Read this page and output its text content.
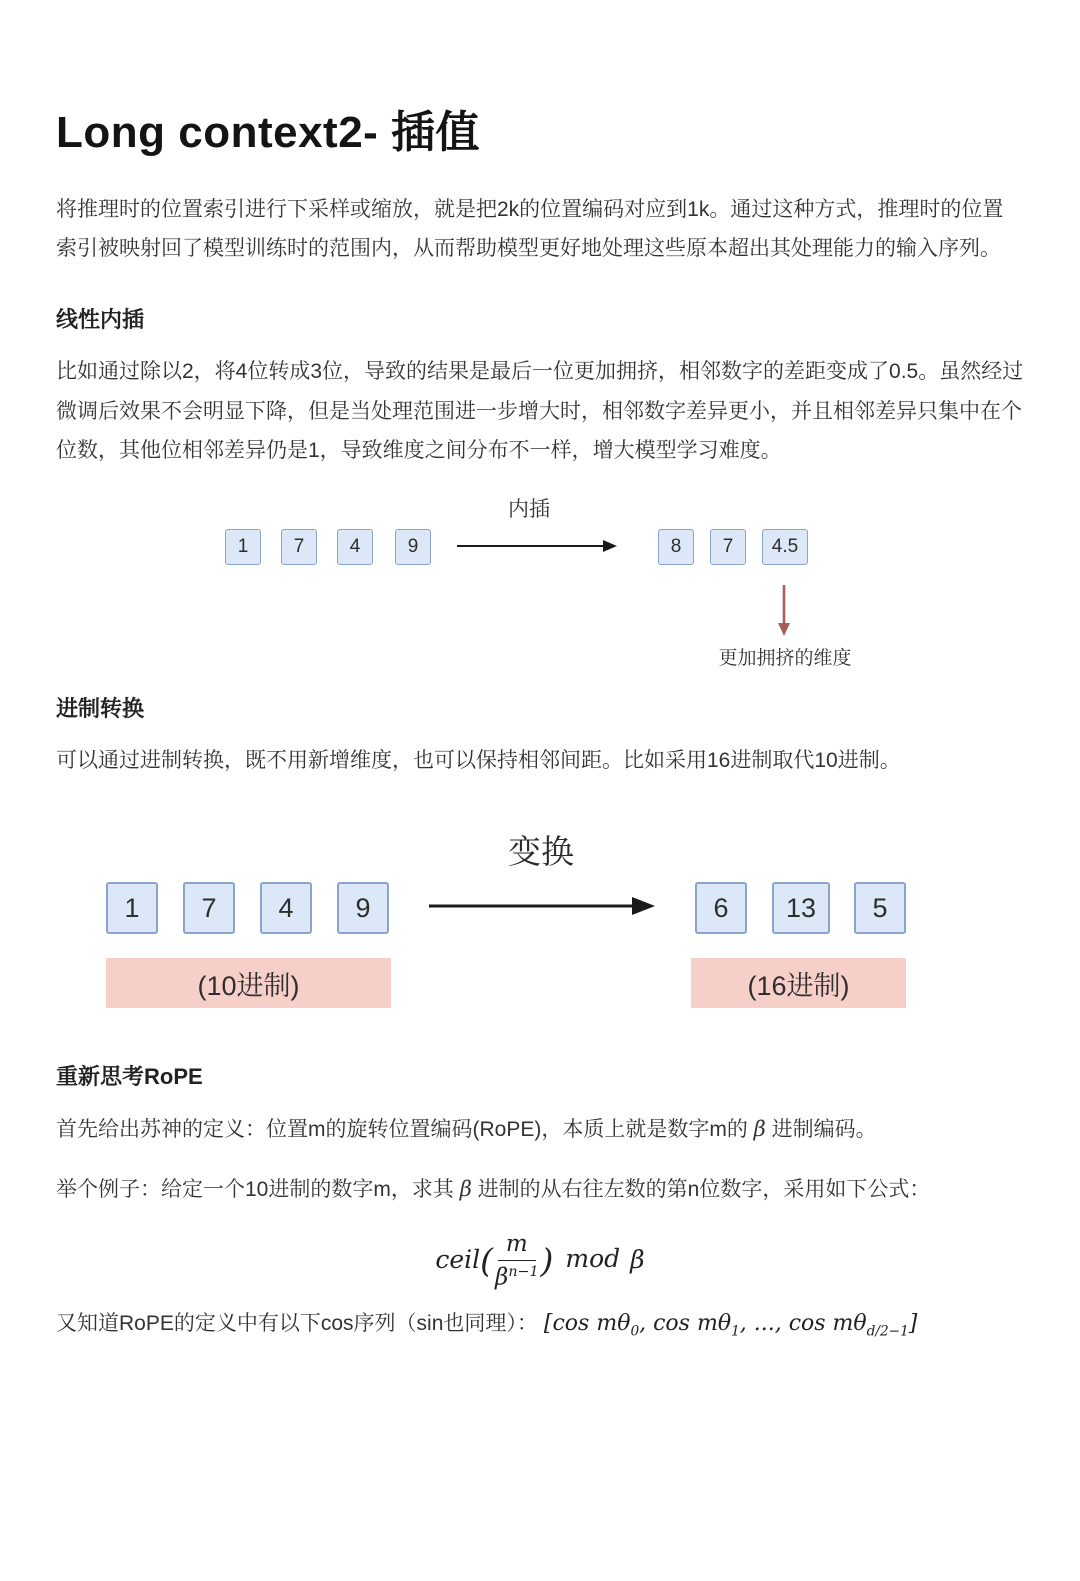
Long context2- 插值

将推理时的位置索引进行下采样或缩放，就是把2k的位置编码对应到1k。通过这种方式，推理时的位置索引被映射回了模型训练时的范围内，从而帮助模型更好地处理这些原本超出其处理能力的输入序列。

线性内插

比如通过除以2，将4位转成3位，导致的结果是最后一位更加拥挤，相邻数字的差距变成了0.5。虽然经过微调后效果不会明显下降，但是当处理范围进一步增大时，相邻数字差异更小，并且相邻差异只集中在个位数，其他位相邻差异仍是1，导致维度之间分布不一样，增大模型学习难度。

内插
1	7	4	9	8	7	4.5
更加拥挤的维度
进制转换

可以通过进制转换，既不用新增维度，也可以保持相邻间距。比如采用16进制取代10进制。

变换
1	7	4	9	6	13	5
(10进制)	(16进制)
重新思考RoPE

首先给出苏神的定义：位置m的旋转位置编码(RoPE)，本质上就是数字m的 β 进制编码。

举个例子：给定一个10进制的数字m，求其 β 进制的从右往左数的第n位数字，采用如下公式：

ceil( $\frac{m}{\beta^{n-1}}$ ) mod β

又知道RoPE的定义中有以下cos序列（sin也同理）： [cos $m\theta_0$, $\cos m\theta_1$, ..., $\cos m\theta_{d/2-1}$]
